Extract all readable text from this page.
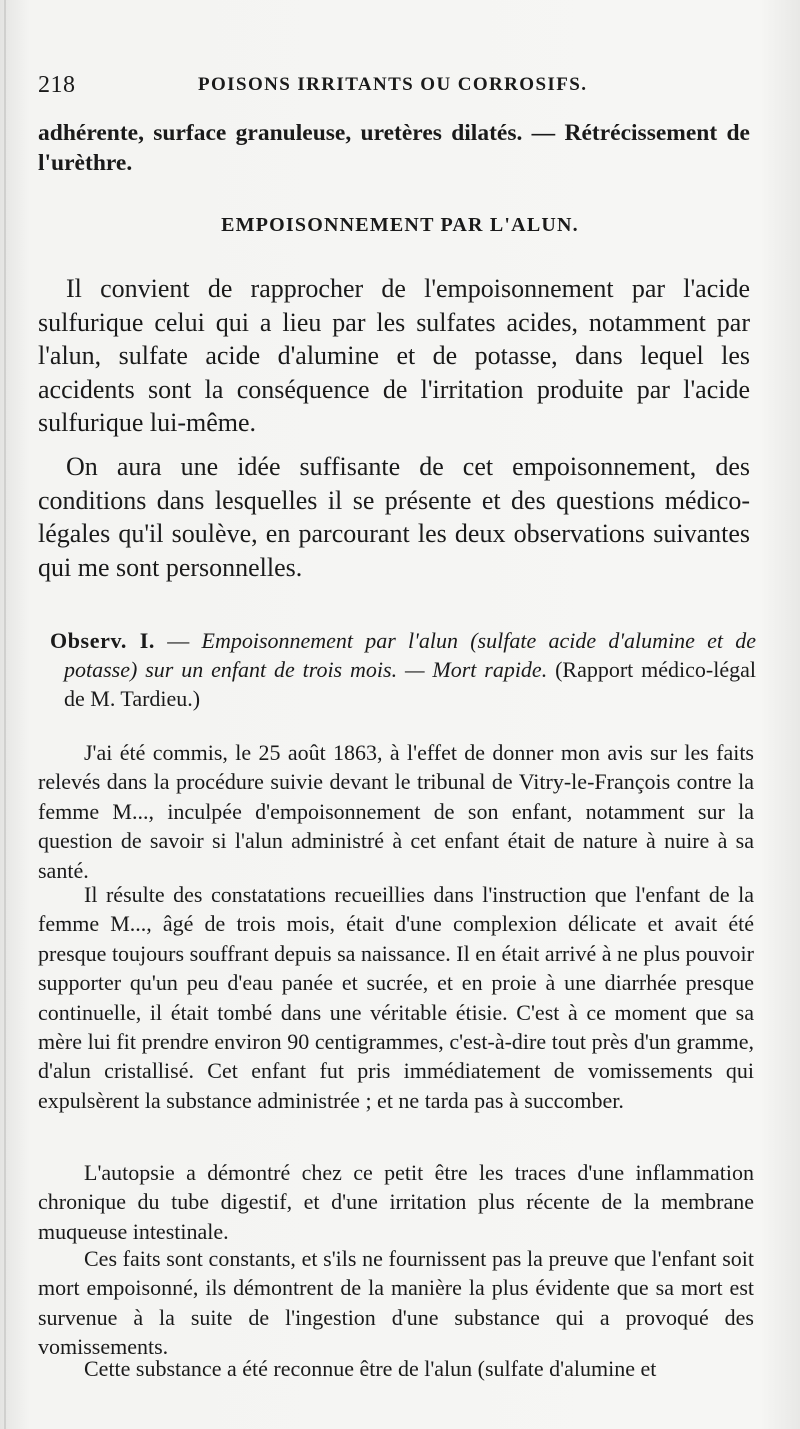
218	POISONS IRRITANTS OU CORROSIFS.
adhérente, surface granuleuse, uretères dilatés. — Rétrécissement de l'urèthre.
EMPOISONNEMENT PAR L'ALUN.

Il convient de rapprocher de l'empoisonnement par l'acide sulfurique celui qui a lieu par les sulfates acides, notamment par l'alun, sulfate acide d'alumine et de potasse, dans lequel les accidents sont la conséquence de l'irritation produite par l'acide sulfurique lui-même.

On aura une idée suffisante de cet empoisonnement, des conditions dans lesquelles il se présente et des questions médico-légales qu'il soulève, en parcourant les deux observations suivantes qui me sont personnelles.

Observ. I. — Empoisonnement par l'alun (sulfate acide d'alumine et de potasse) sur un enfant de trois mois. — Mort rapide. (Rapport médico-légal de M. Tardieu.)

J'ai été commis, le 25 août 1863, à l'effet de donner mon avis sur les faits relevés dans la procédure suivie devant le tribunal de Vitry-le-François contre la femme M..., inculpée d'empoisonnement de son enfant, notamment sur la question de savoir si l'alun administré à cet enfant était de nature à nuire à sa santé.

Il résulte des constatations recueillies dans l'instruction que l'enfant de la femme M..., âgé de trois mois, était d'une complexion délicate et avait été presque toujours souffrant depuis sa naissance. Il en était arrivé à ne plus pouvoir supporter qu'un peu d'eau panée et sucrée, et en proie à une diarrhée presque continuelle, il était tombé dans une véritable étisie. C'est à ce moment que sa mère lui fit prendre environ 90 centigrammes, c'est-à-dire tout près d'un gramme, d'alun cristallisé. Cet enfant fut pris immédiatement de vomissements qui expulsèrent la substance administrée ; et ne tarda pas à succomber.

L'autopsie a démontré chez ce petit être les traces d'une inflammation chronique du tube digestif, et d'une irritation plus récente de la membrane muqueuse intestinale.

Ces faits sont constants, et s'ils ne fournissent pas la preuve que l'enfant soit mort empoisonné, ils démontrent de la manière la plus évidente que sa mort est survenue à la suite de l'ingestion d'une substance qui a provoqué des vomissements.

Cette substance a été reconnue être de l'alun (sulfate d'alumine et
